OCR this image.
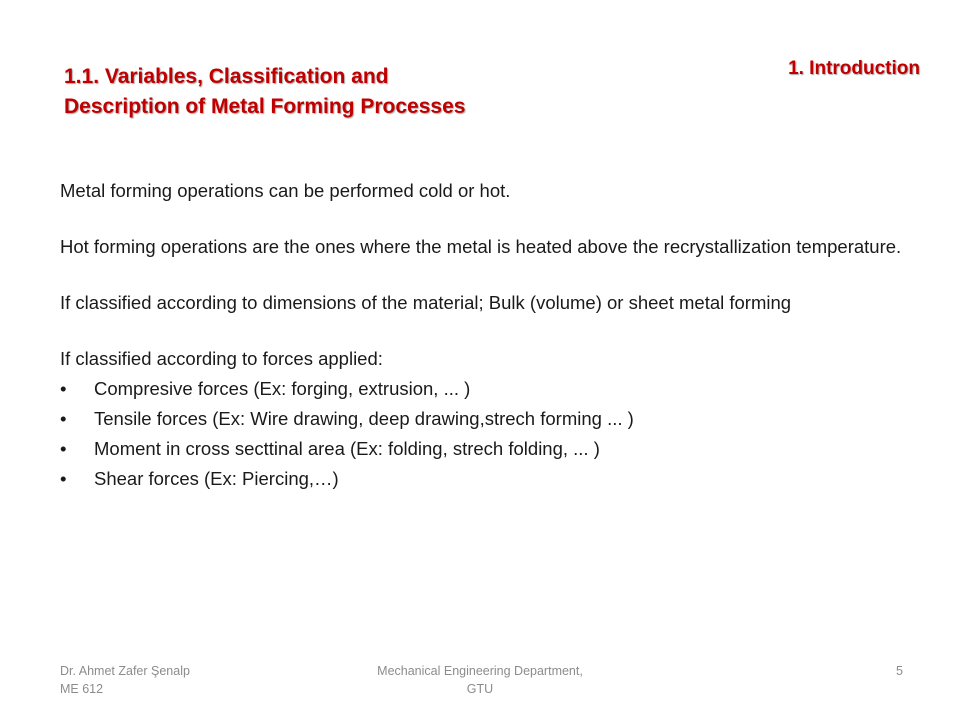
1.1. Variables, Classification and
Description of Metal Forming Processes
1. Introduction

Metal forming operations can be performed cold or hot.

Hot forming operations are the ones where the metal is heated above the recrystallization temperature.

If classified according to dimensions of the material; Bulk (volume) or sheet metal forming

If classified according to forces applied:

• Compresive forces (Ex: forging, extrusion, ... )
• Tensile forces (Ex: Wire drawing, deep drawing,strech forming ... )
• Moment in cross secttinal area (Ex: folding, strech folding, ... )
• Shear forces (Ex: Piercing,…)
Dr. Ahmet Zafer Şenalp
ME 612
Mechanical Engineering Department,
GTU
5
